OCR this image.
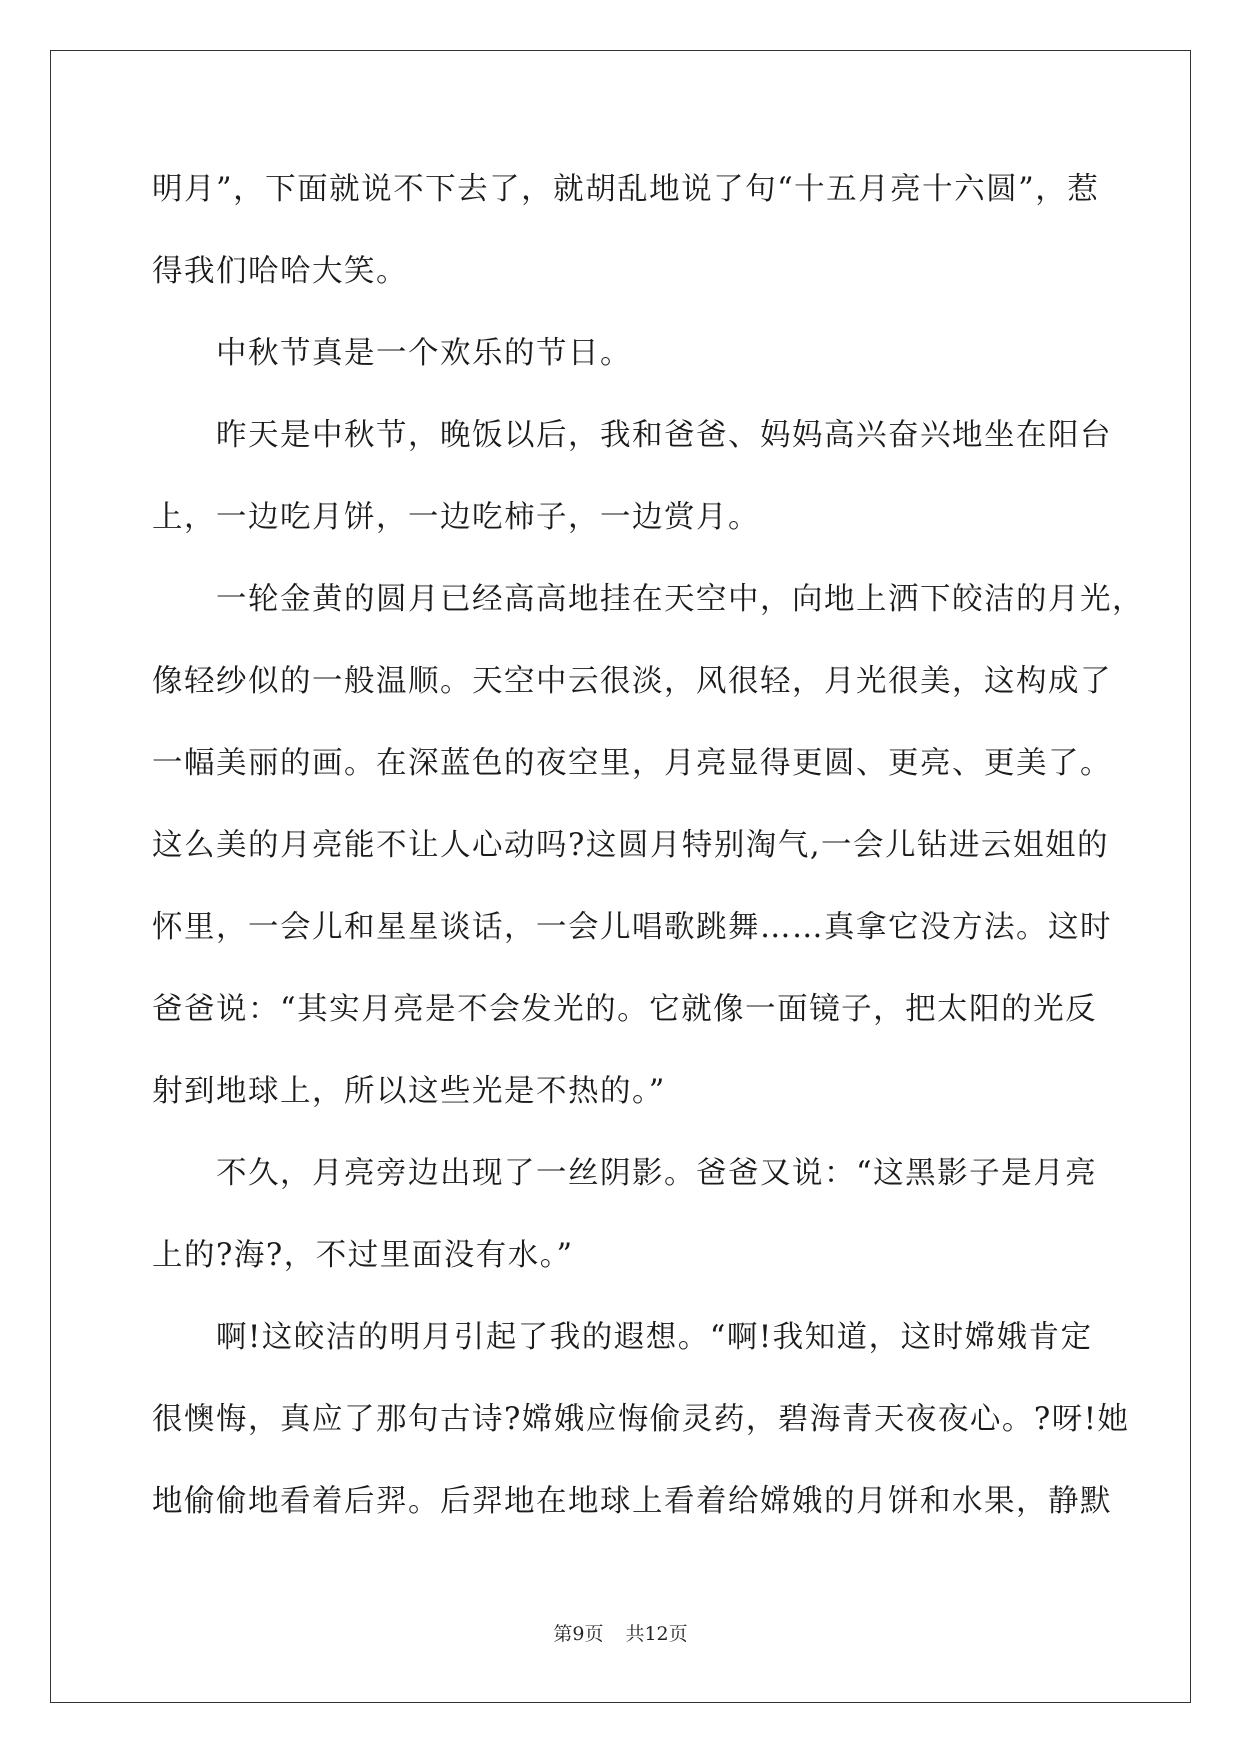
明月”，下面就说不下去了，就胡乱地说了句“十五月亮十六圆”，惹
得我们哈哈大笑。
中秋节真是一个欢乐的节日。
昨天是中秋节，晚饭以后，我和爸爸、妈妈高兴奋兴地坐在阳台
上，一边吃月饼，一边吃柿子，一边赏月。
一轮金黄的圆月已经高高地挂在天空中，向地上洒下皎洁的月光，
像轻纱似的一般温顺。天空中云很淡，风很轻，月光很美，这构成了
一幅美丽的画。在深蓝色的夜空里，月亮显得更圆、更亮、更美了。
这么美的月亮能不让人心动吗?这圆月特别淘气,一会儿钻进云姐姐的
怀里，一会儿和星星谈话，一会儿唱歌跳舞……真拿它没方法。这时
爸爸说：“其实月亮是不会发光的。它就像一面镜子，把太阳的光反
射到地球上，所以这些光是不热的。”
不久，月亮旁边出现了一丝阴影。爸爸又说：“这黑影子是月亮
上的?海?，不过里面没有水。”
啊!这皎洁的明月引起了我的遐想。“啊!我知道，这时嫦娥肯定
很懊悔，真应了那句古诗?嫦娥应悔偷灵药，碧海青天夜夜心。?呀!她
地偷偷地看着后羿。后羿地在地球上看着给嫦娥的月饼和水果，静默
第9页 共12页
